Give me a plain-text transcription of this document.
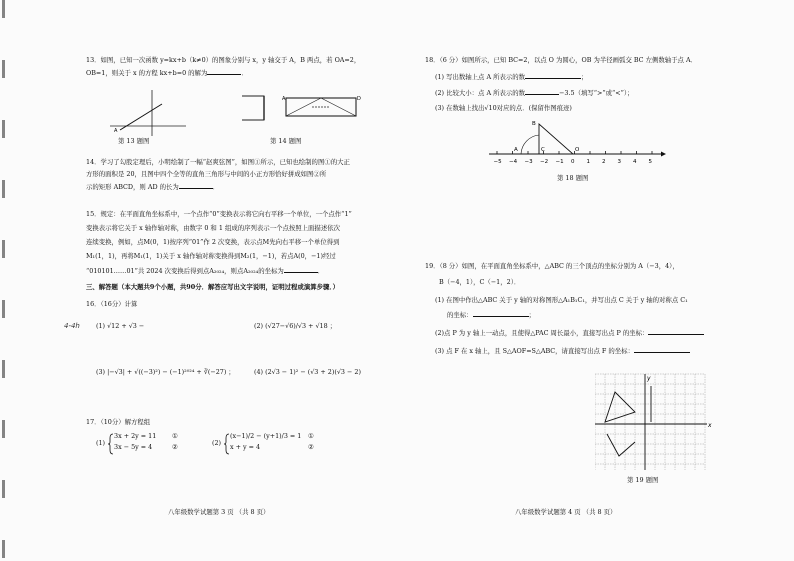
13．如图，已知一次函数 y=kx+b（k≠0）的图象分别与 x，y 轴交于 A，B 两点，若 OA=2，
OB=1，则关于 x 的方程 kx+b=0 的解为	．
A
第 13 题图
A	D
第 14 题图
14．学习了勾股定理后，小明绘制了一幅“赵爽弦图”，如图①所示，已知也绘制的图①的大正
方形的面积是 20，且图中四个全等的直角三角形与中间的小正方形恰好拼成如图②所
示的矩形 ABCD，则 AD 的长为	．
15．规定：在平面直角坐标系中，一个点作“0”变换表示将它向右平移一个单位，一个点作“1”
变换表示将它关于 x 轴作轴对称，由数字 0 和 1 组成的序列表示一个点按照上面描述依次
连续变换，例如，点M(0，1)按序列“01”作 2 次变换，表示点M先向右平移一个单位得到
M₁(1，1)，再将M₁(1，1)关于 x 轴作轴对称变换得到M₂(1，−1)，若点A(0，−1)经过
“010101……01”共 2024 次变换后得到点A₂₀₂₄，则点A₂₀₂₄的坐标为	．
三、解答题（本大题共9个小题，共90分．解答应写出文字说明，证明过程或演算步骤．）
16．（16分）计算
4-4h	(1) √12 + √3 −	(2) (√27−√6)/√3 + √18 ；
(3) |−√3| + √((−3)²) − (−1)²⁰²⁴ + ∛(−27) ；	(4) (2√3 − 1)² − (√3 + 2)(√3 − 2)
17．（10分）解方程组
(1)
3x + 2y = 11
3x − 5y = 4
①
②	(2)
(x−1)/2 − (y+1)/3 = 1
x + y = 4
①
②
八年级数学试题第 3 页 （共 8 页）
18．（6 分）如图所示，已知 BC=2，以点 O 为圆心，OB 为半径画弧交 BC 左侧数轴于点 A．
(1) 写出数轴上点 A 所表示的数	；
(2) 比较大小：点 A 所表示的数	−3.5（填写“>”或“<”）；
(3) 在数轴上找出√10对应的点．(保留作图痕迹)
−5 −4 −3 −2 −1 0 1 2 3 4 5
B
C
A	O
第 18 题图
19．（8 分）如图，在平面直角坐标系中，△ABC 的三个顶点的坐标分别为 A（−3，4），
B（−4，1），C（−1，2）．
(1) 在图中作出△ABC 关于 y 轴的对称图形△A₁B₁C₁，并写出点 C 关于 y 轴的对称点 C₁
的坐标：	；
(2)点 P 为 y 轴上一动点，且使得△PAC 周长最小，直接写出点 P 的坐标：
(3) 点 F 在 x 轴上，且 S△AOF=S△ABC，请直接写出点 F 的坐标：
x
y
第 19 题图
八年级数学试题第 4 页 （共 8 页）
